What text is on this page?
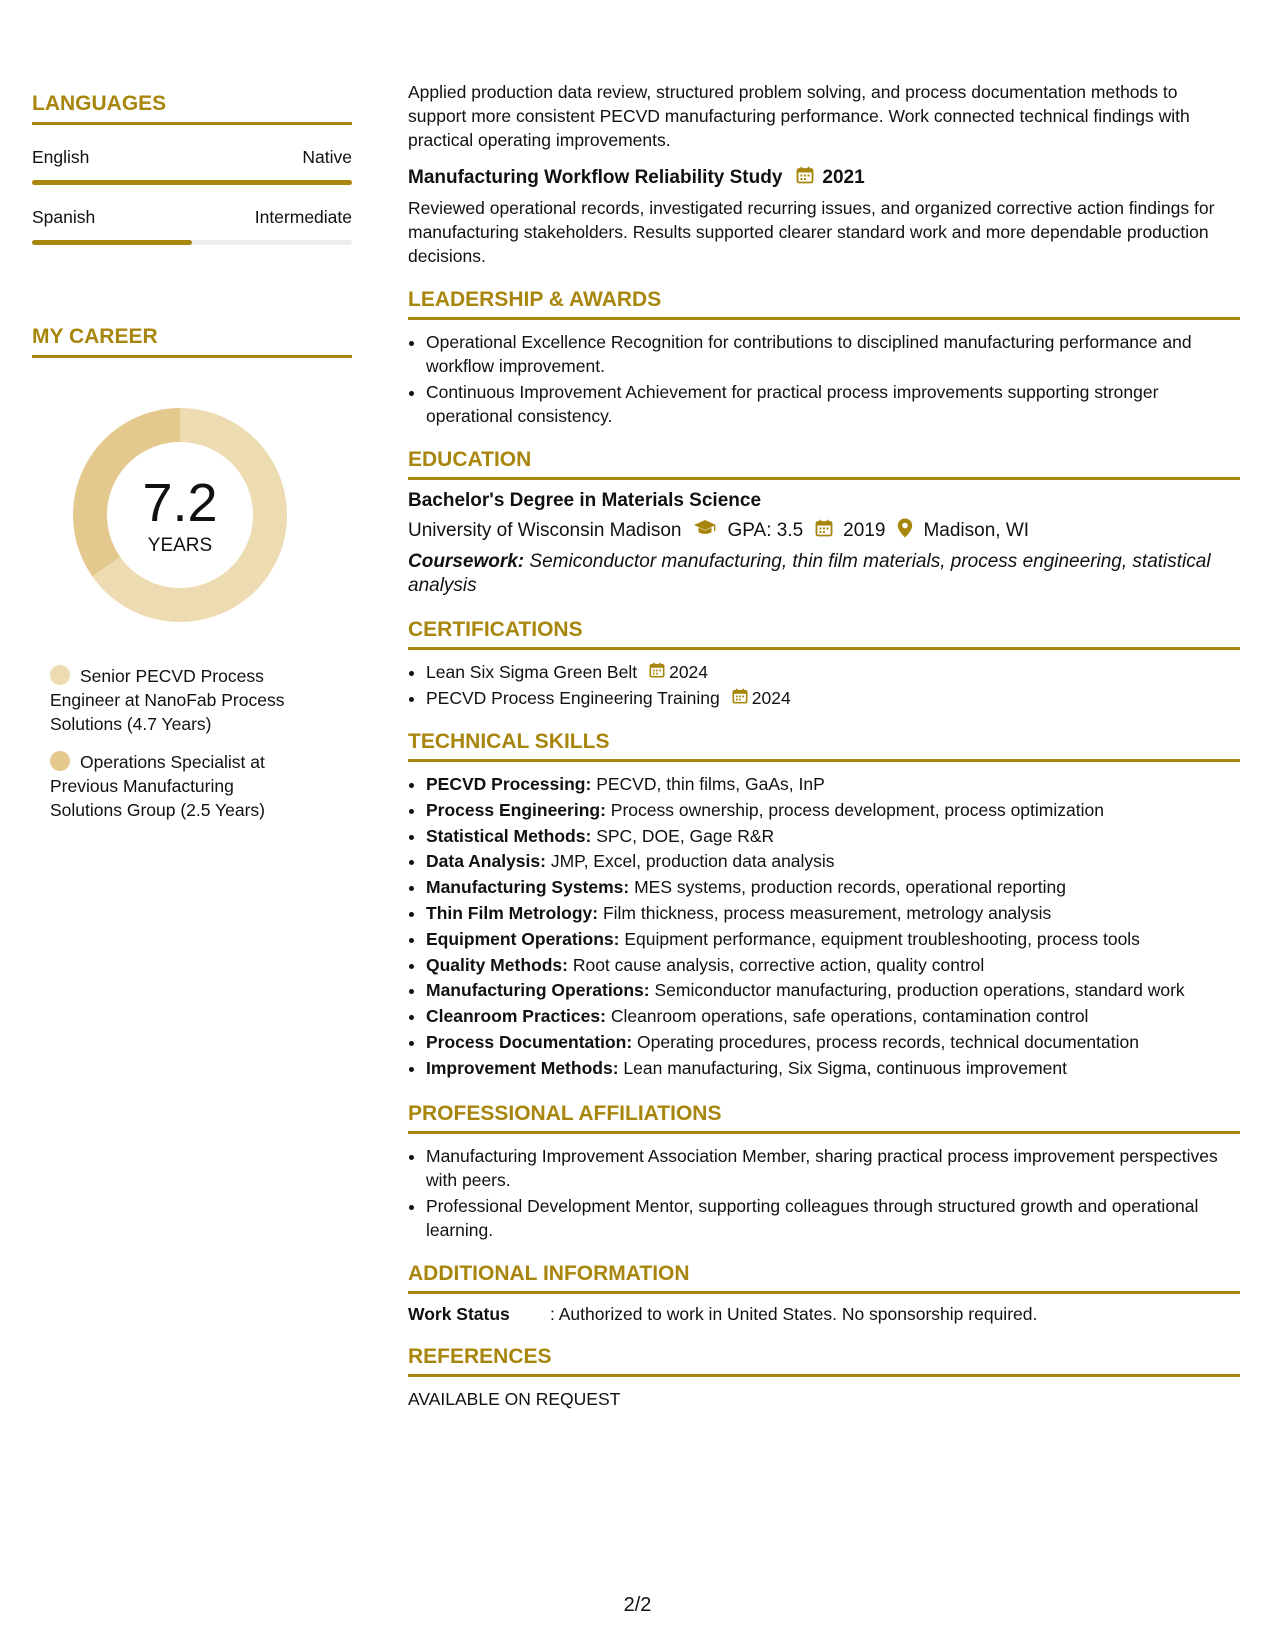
LANGUAGES
English	Native
Spanish	Intermediate
MY CAREER
7.2
YEARS
Senior PECVD Process Engineer at NanoFab Process Solutions (4.7 Years)
Operations Specialist at Previous Manufacturing Solutions Group (2.5 Years)
Applied production data review, structured problem solving, and process documentation methods to support more consistent PECVD manufacturing performance. Work connected technical findings with practical operating improvements.
Manufacturing Workflow Reliability Study 2021
Reviewed operational records, investigated recurring issues, and organized corrective action findings for manufacturing stakeholders. Results supported clearer standard work and more dependable production decisions.
LEADERSHIP & AWARDS
• Operational Excellence Recognition for contributions to disciplined manufacturing performance and workflow improvement.
• Continuous Improvement Achievement for practical process improvements supporting stronger operational consistency.
EDUCATION
Bachelor's Degree in Materials Science
University of Wisconsin Madison GPA: 3.5 2019 Madison, WI
Coursework: Semiconductor manufacturing, thin film materials, process engineering, statistical analysis
CERTIFICATIONS
• Lean Six Sigma Green Belt 2024
• PECVD Process Engineering Training 2024
TECHNICAL SKILLS
• PECVD Processing: PECVD, thin films, GaAs, InP
• Process Engineering: Process ownership, process development, process optimization
• Statistical Methods: SPC, DOE, Gage R&R
• Data Analysis: JMP, Excel, production data analysis
• Manufacturing Systems: MES systems, production records, operational reporting
• Thin Film Metrology: Film thickness, process measurement, metrology analysis
• Equipment Operations: Equipment performance, equipment troubleshooting, process tools
• Quality Methods: Root cause analysis, corrective action, quality control
• Manufacturing Operations: Semiconductor manufacturing, production operations, standard work
• Cleanroom Practices: Cleanroom operations, safe operations, contamination control
• Process Documentation: Operating procedures, process records, technical documentation
• Improvement Methods: Lean manufacturing, Six Sigma, continuous improvement
PROFESSIONAL AFFILIATIONS
• Manufacturing Improvement Association Member, sharing practical process improvement perspectives with peers.
• Professional Development Mentor, supporting colleagues through structured growth and operational learning.
ADDITIONAL INFORMATION
Work Status	: Authorized to work in United States. No sponsorship required.
REFERENCES
AVAILABLE ON REQUEST
2/2
